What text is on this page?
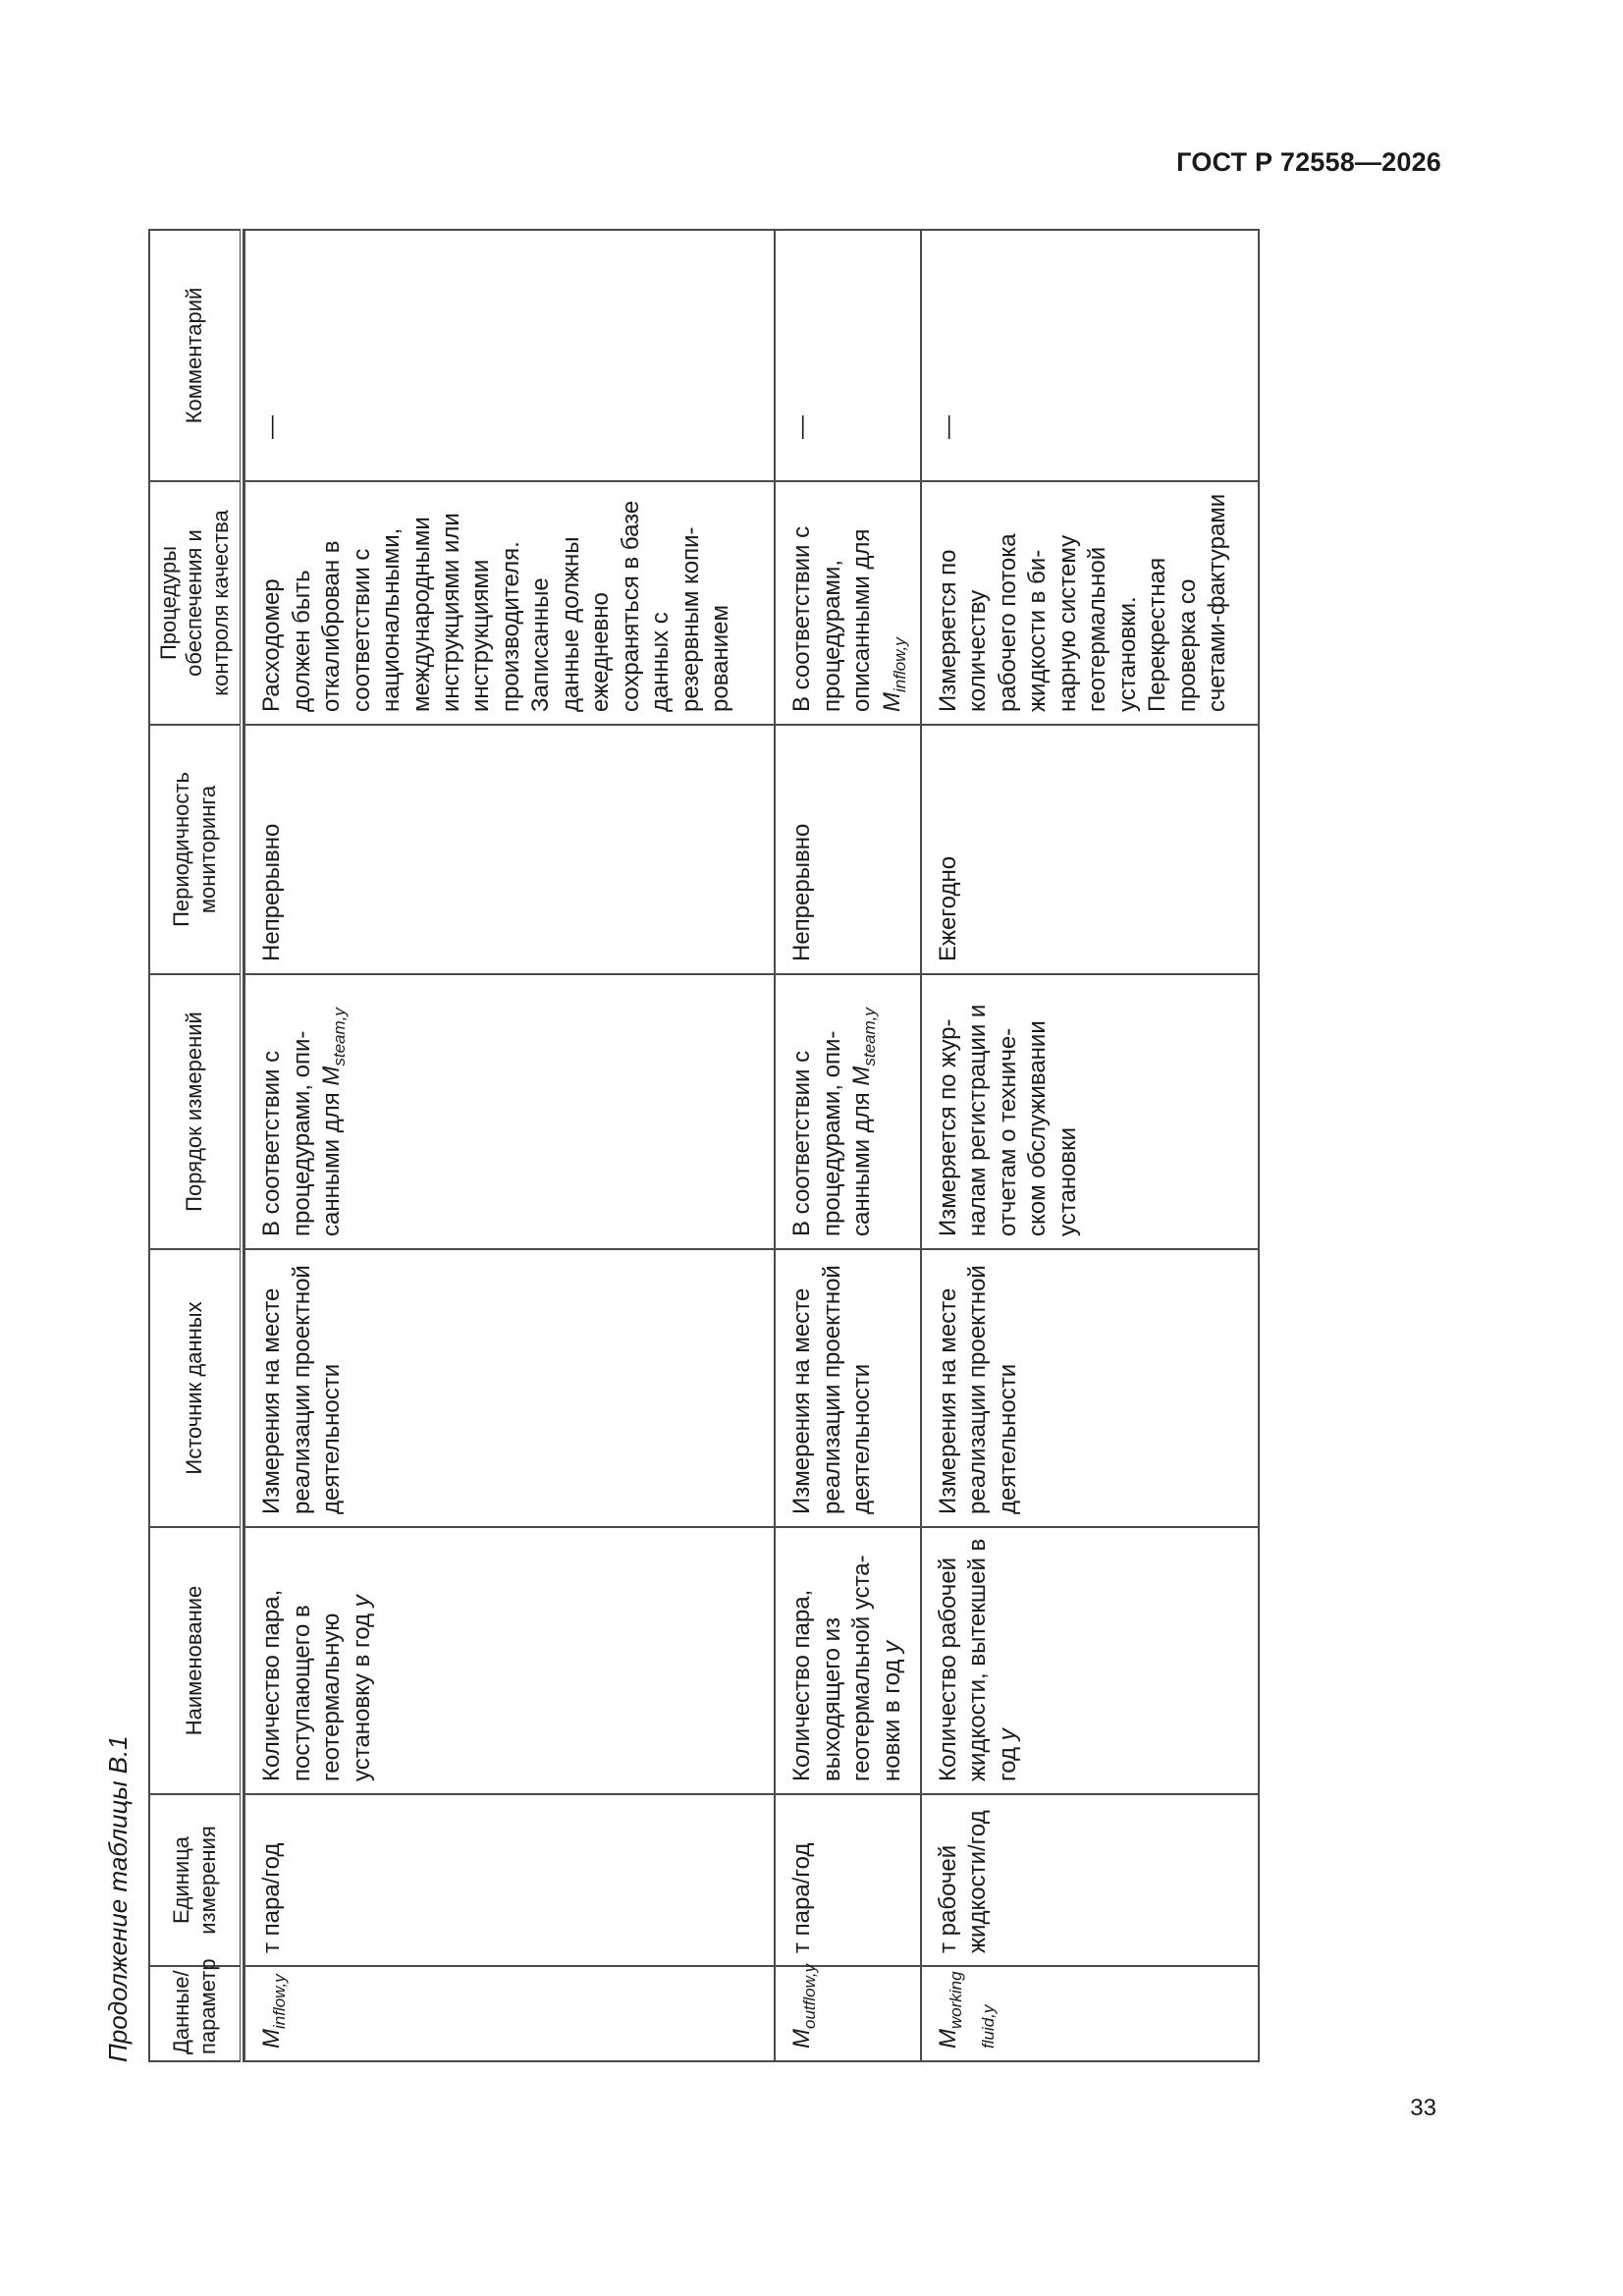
ГОСТ Р 72558—2026
Продолжение таблицы В.1 Данные/ параметр	Единица измерения	Наименование	Источник данных	Порядок измерений	Периодичность мониторинга	Процедуры обеспечения и контроля качества	Комментарий

$M_{inflow,y}$	т пара/год	Количество пара, поступающего в геотермальную установку в год y	Измерения на месте реализации проектной деятельности	В соответствии с процедурами, описанными для $M_{steam,y}$	Непрерывно	Расходомер должен быть откалиброван в соответствии с национальными, международными инструкциями или инструкциями производителя. Записанные данные должны ежедневно сохраняться в базе данных с резервным копированием	—

$M_{outflow,y}$	т пара/год	Количество пара, выходящего из геотермальной установки в год y	Измерения на месте реализации проектной деятельности	В соответствии с процедурами, описанными для $M_{steam,y}$	Непрерывно	В соответствии с процедурами, описанными для $M_{inflow,y}$	—

$M_{working fluid,y}$	т рабочей жидкости/год	Количество рабочей жидкости, вытекшей в год y	Измерения на месте реализации проектной деятельности	Измеряется по журналам регистрации и отчетам о техническом обслуживании установки	Ежегодно	Измеряется по количеству рабочего потока жидкости в бинарную систему геотермальной установки. Перекрестная проверка со счетами-фактурами	—
33
